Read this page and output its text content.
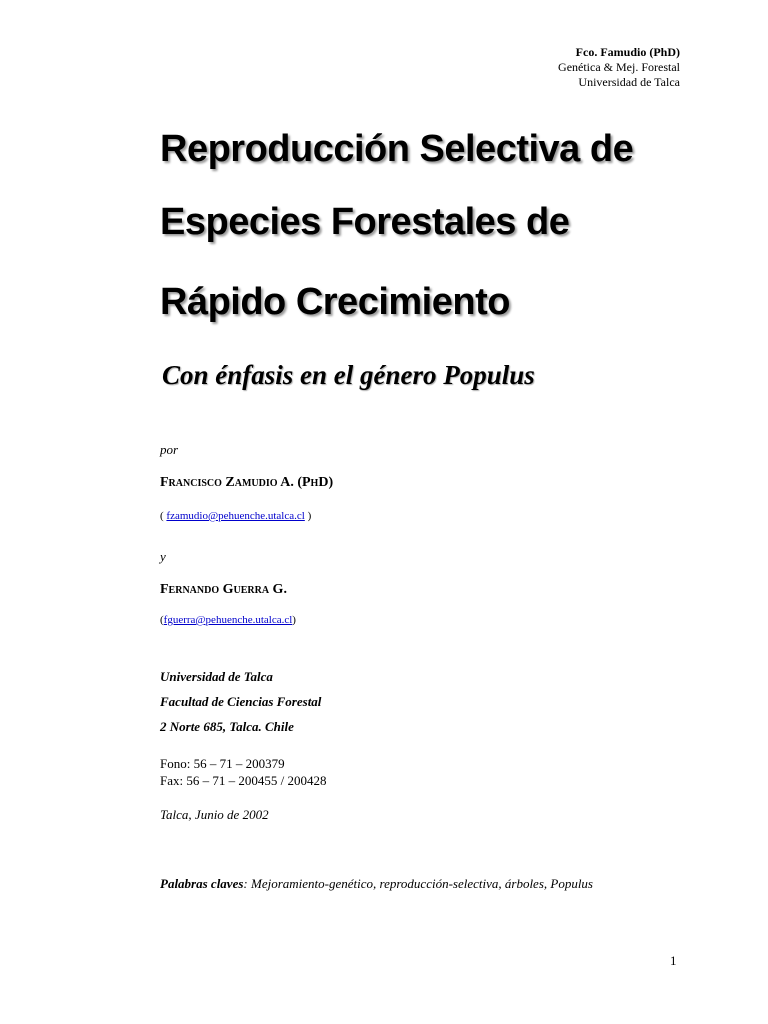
Fco. Famudio (PhD)
Genética & Mej. Forestal
Universidad de Talca
Reproducción Selectiva de
Especies Forestales de
Rápido Crecimiento
Con énfasis en el género Populus
por
Francisco Zamudio A. (PhD)
( fzamudio@pehuenche.utalca.cl )
y
Fernando Guerra G.
(fguerra@pehuenche.utalca.cl)
Universidad de Talca
Facultad de Ciencias Forestal
2 Norte 685, Talca. Chile
Fono: 56 – 71 – 200379
Fax: 56 – 71 – 200455 / 200428
Talca, Junio de 2002
Palabras claves: Mejoramiento-genético, reproducción-selectiva, árboles, Populus
1
